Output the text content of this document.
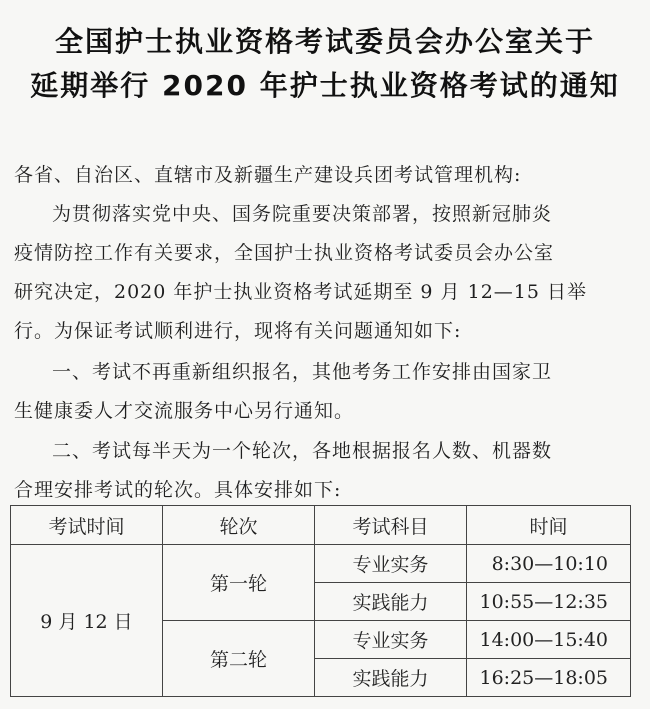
全国护士执业资格考试委员会办公室关于
延期举行 2020 年护士执业资格考试的通知
各省、自治区、直辖市及新疆生产建设兵团考试管理机构:
为贯彻落实党中央、国务院重要决策部署，按照新冠肺炎
疫情防控工作有关要求，全国护士执业资格考试委员会办公室
研究决定，2020 年护士执业资格考试延期至 9 月 12—15 日举
行。为保证考试顺利进行，现将有关问题通知如下:
一、考试不再重新组织报名，其他考务工作安排由国家卫
生健康委人才交流服务中心另行通知。
二、考试每半天为一个轮次，各地根据报名人数、机器数
合理安排考试的轮次。具体安排如下:
考试时间	轮次	考试科目	时间
9 月 12 日	第一轮	专业实务	8:30—10:10
		实践能力	10:55—12:35
	第二轮	专业实务	14:00—15:40
		实践能力	16:25—18:05
